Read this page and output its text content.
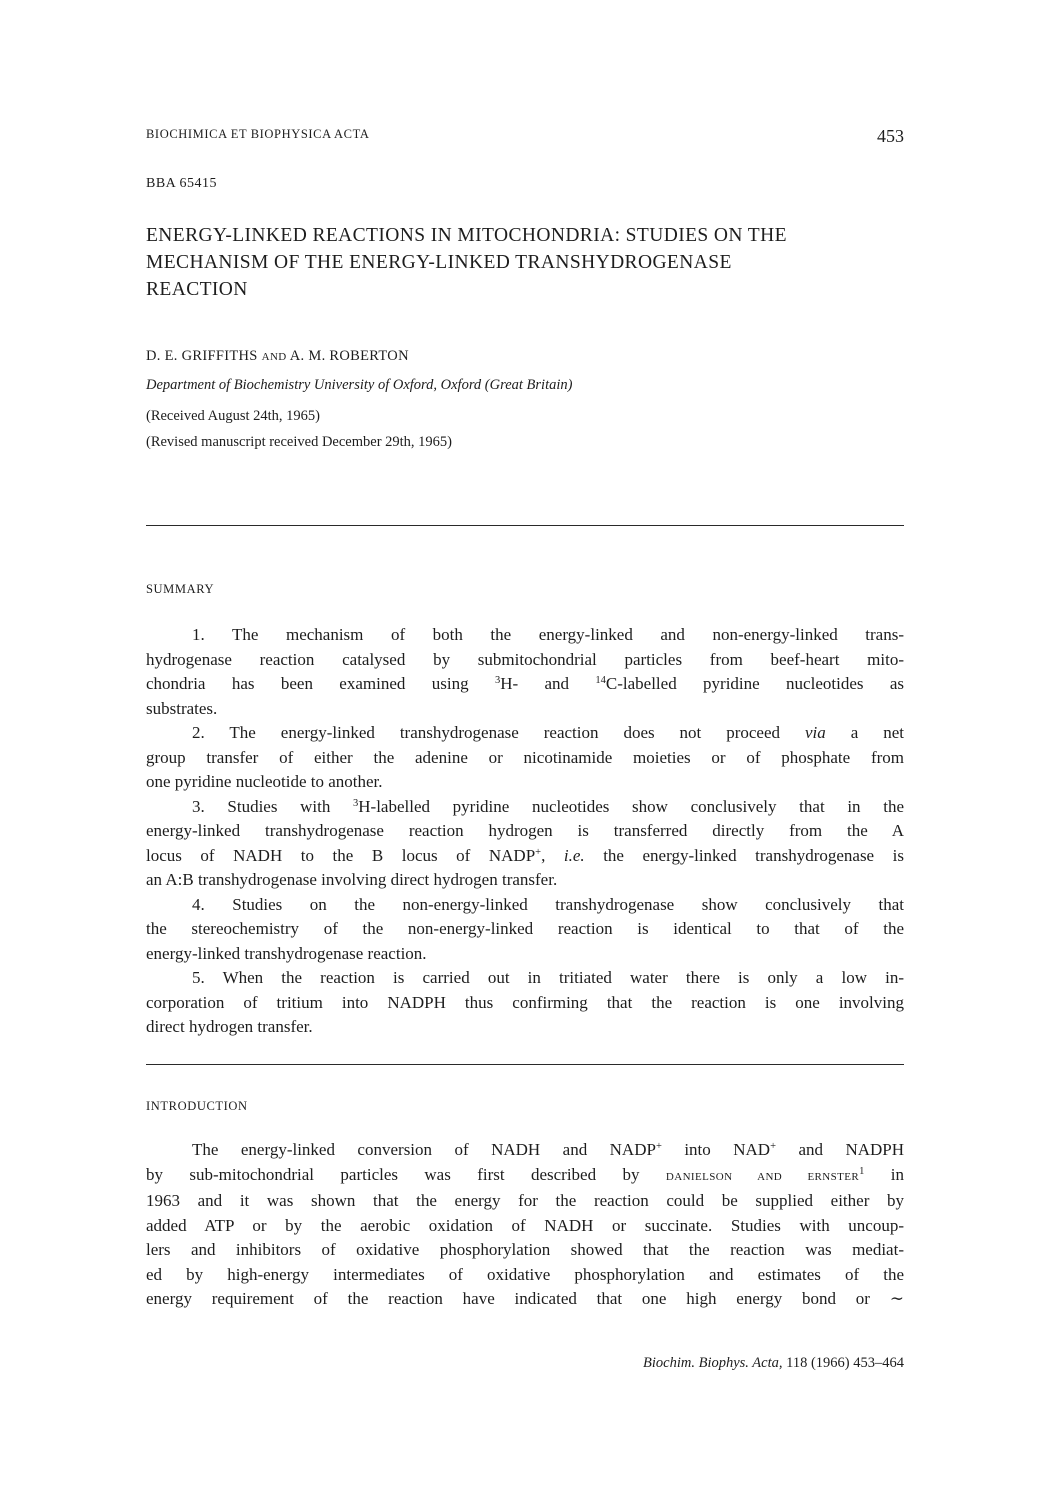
BIOCHIMICA ET BIOPHYSICA ACTA	453
BBA 65415
ENERGY-LINKED REACTIONS IN MITOCHONDRIA: STUDIES ON THE
MECHANISM OF THE ENERGY-LINKED TRANSHYDROGENASE
REACTION
D. E. GRIFFITHS AND A. M. ROBERTON
Department of Biochemistry University of Oxford, Oxford (Great Britain)
(Received August 24th, 1965)
(Revised manuscript received December 29th, 1965)
SUMMARY
1. The mechanism of both the energy-linked and non-energy-linked trans-
hydrogenase reaction catalysed by submitochondrial particles from beef-heart mito-
chondria has been examined using $^3$H- and $^{14}$C-labelled pyridine nucleotides as
substrates.
2. The energy-linked transhydrogenase reaction does not proceed via a net
group transfer of either the adenine or nicotinamide moieties or of phosphate from
one pyridine nucleotide to another.
3. Studies with $^3$H-labelled pyridine nucleotides show conclusively that in the
energy-linked transhydrogenase reaction hydrogen is transferred directly from the A
locus of NADH to the B locus of NADP+, i.e. the energy-linked transhydrogenase is
an A:B transhydrogenase involving direct hydrogen transfer.
4. Studies on the non-energy-linked transhydrogenase show conclusively that
the stereochemistry of the non-energy-linked reaction is identical to that of the
energy-linked transhydrogenase reaction.
5. When the reaction is carried out in tritiated water there is only a low in-
corporation of tritium into NADPH thus confirming that the reaction is one involving
direct hydrogen transfer.
INTRODUCTION
The energy-linked conversion of NADH and NADP+ into NAD+ and NADPH
by sub-mitochondrial particles was first described by DANIELSON AND ERNSTER$^1$ in
1963 and it was shown that the energy for the reaction could be supplied either by
added ATP or by the aerobic oxidation of NADH or succinate. Studies with uncoup-
lers and inhibitors of oxidative phosphorylation showed that the reaction was mediat-
ed by high-energy intermediates of oxidative phosphorylation and estimates of the
energy requirement of the reaction have indicated that one high energy bond or ∼
Biochim. Biophys. Acta, 118 (1966) 453–464
